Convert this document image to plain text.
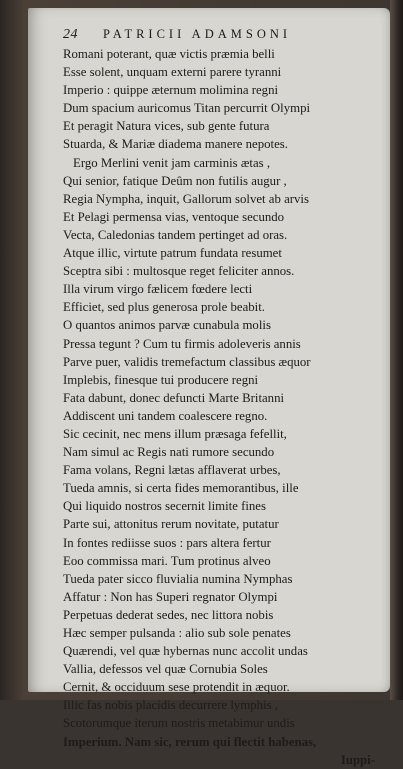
24 PATRICII ADAMSONI
Romani poterant, quæ victis præmia belli
Esse solent, unquam externi parere tyranni
Imperio : quippe æternum molimina regni
Dum spacium auricomus Titan percurrit Olympi
Et peragit Natura vices, sub gente futura
Stuarda, & Mariæ diadema manere nepotes.
Ergo Merlini venit jam carminis ætas ,
Qui senior, fatique Deûm non futilis augur ,
Regia Nympha, inquit, Gallorum solvet ab arvis
Et Pelagi permensa vias, ventoque secundo
Vecta, Caledonias tandem pertinget ad oras.
Atque illic, virtute patrum fundata resumet
Sceptra sibi : multosque reget feliciter annos.
Illa virum virgo fælicem fœdere lecti
Efficiet, sed plus generosa prole beabit.
O quantos animos parvæ cunabula molis
Pressa tegunt ? Cum tu firmis adoleveris annis
Parve puer, validis tremefactum classibus æquor
Implebis, finesque tui producere regni
Fata dabunt, donec defuncti Marte Britanni
Addiscent uni tandem coalescere regno.
Sic cecinit, nec mens illum præsaga fefellit,
Nam simul ac Regis nati rumore secundo
Fama volans, Regni lætas afflaverat urbes,
Tueda amnis, si certa fides memorantibus, ille
Qui liquido nostros secernit limite fines
Parte sui, attonitus rerum novitate, putatur
In fontes rediisse suos : pars altera fertur
Eoo commissa mari. Tum protinus alveo
Tueda pater sicco fluvialia numina Nymphas
Affatur : Non has Superi regnator Olympi
Perpetuas dederat sedes, nec littora nobis
Hæc semper pulsanda : alio sub sole penates
Quærendi, vel quæ hybernas nunc accolit undas
Vallia, defessos vel quæ Cornubia Soles
Cernit, & occiduum sese protendit in æquor.
Illic fas nobis placidis decurrere lymphis ,
Scotorumque iterum nostris metabimur undis
Imperium. Nam sic, rerum qui flectit habenas,
Iuppi-
